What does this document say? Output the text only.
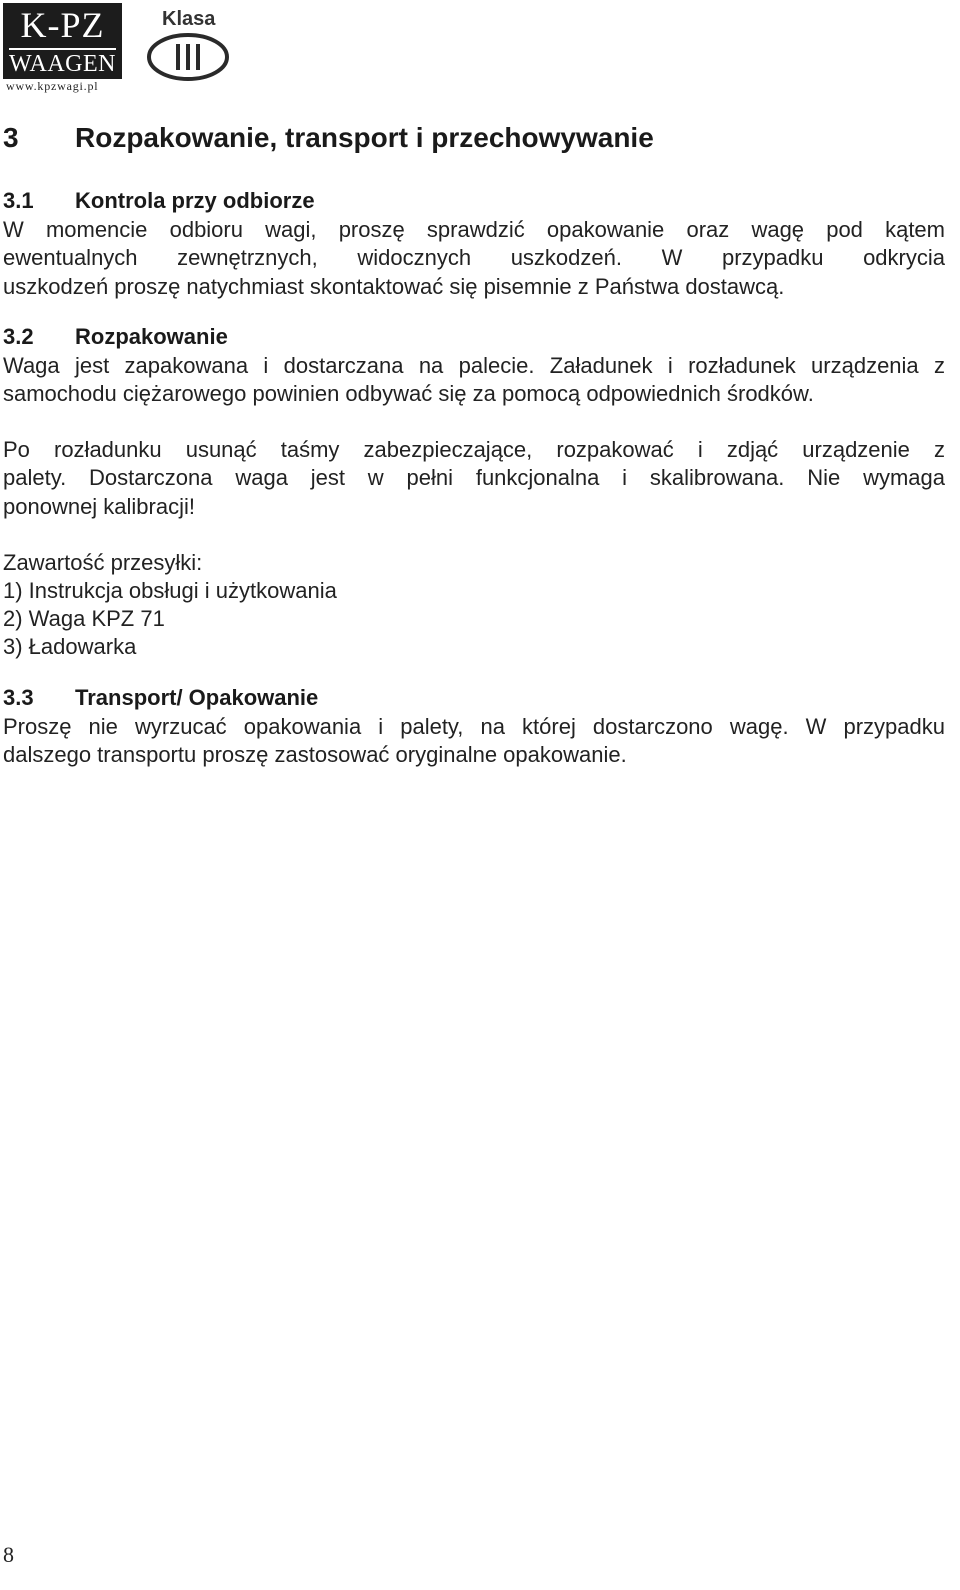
K-PZ
WAAGEN
www.kpzwagi.pl
Klasa
3 Rozpakowanie, transport i przechowywanie
3.1 Kontrola przy odbiorze
W momencie odbioru wagi, proszę sprawdzić opakowanie oraz wagę pod kątem
ewentualnych zewnętrznych, widocznych uszkodzeń. W przypadku odkrycia
uszkodzeń proszę natychmiast skontaktować się pisemnie z Państwa dostawcą.
3.2 Rozpakowanie
Waga jest zapakowana i dostarczana na palecie. Załadunek i rozładunek urządzenia z
samochodu ciężarowego powinien odbywać się za pomocą odpowiednich środków.
Po rozładunku usunąć taśmy zabezpieczające, rozpakować i zdjąć urządzenie z
palety. Dostarczona waga jest w pełni funkcjonalna i skalibrowana. Nie wymaga
ponownej kalibracji!
Zawartość przesyłki:
1) Instrukcja obsługi i użytkowania
2) Waga KPZ 71
3) Ładowarka
3.3 Transport/ Opakowanie
Proszę nie wyrzucać opakowania i palety, na której dostarczono wagę. W przypadku
dalszego transportu proszę zastosować oryginalne opakowanie.
8
